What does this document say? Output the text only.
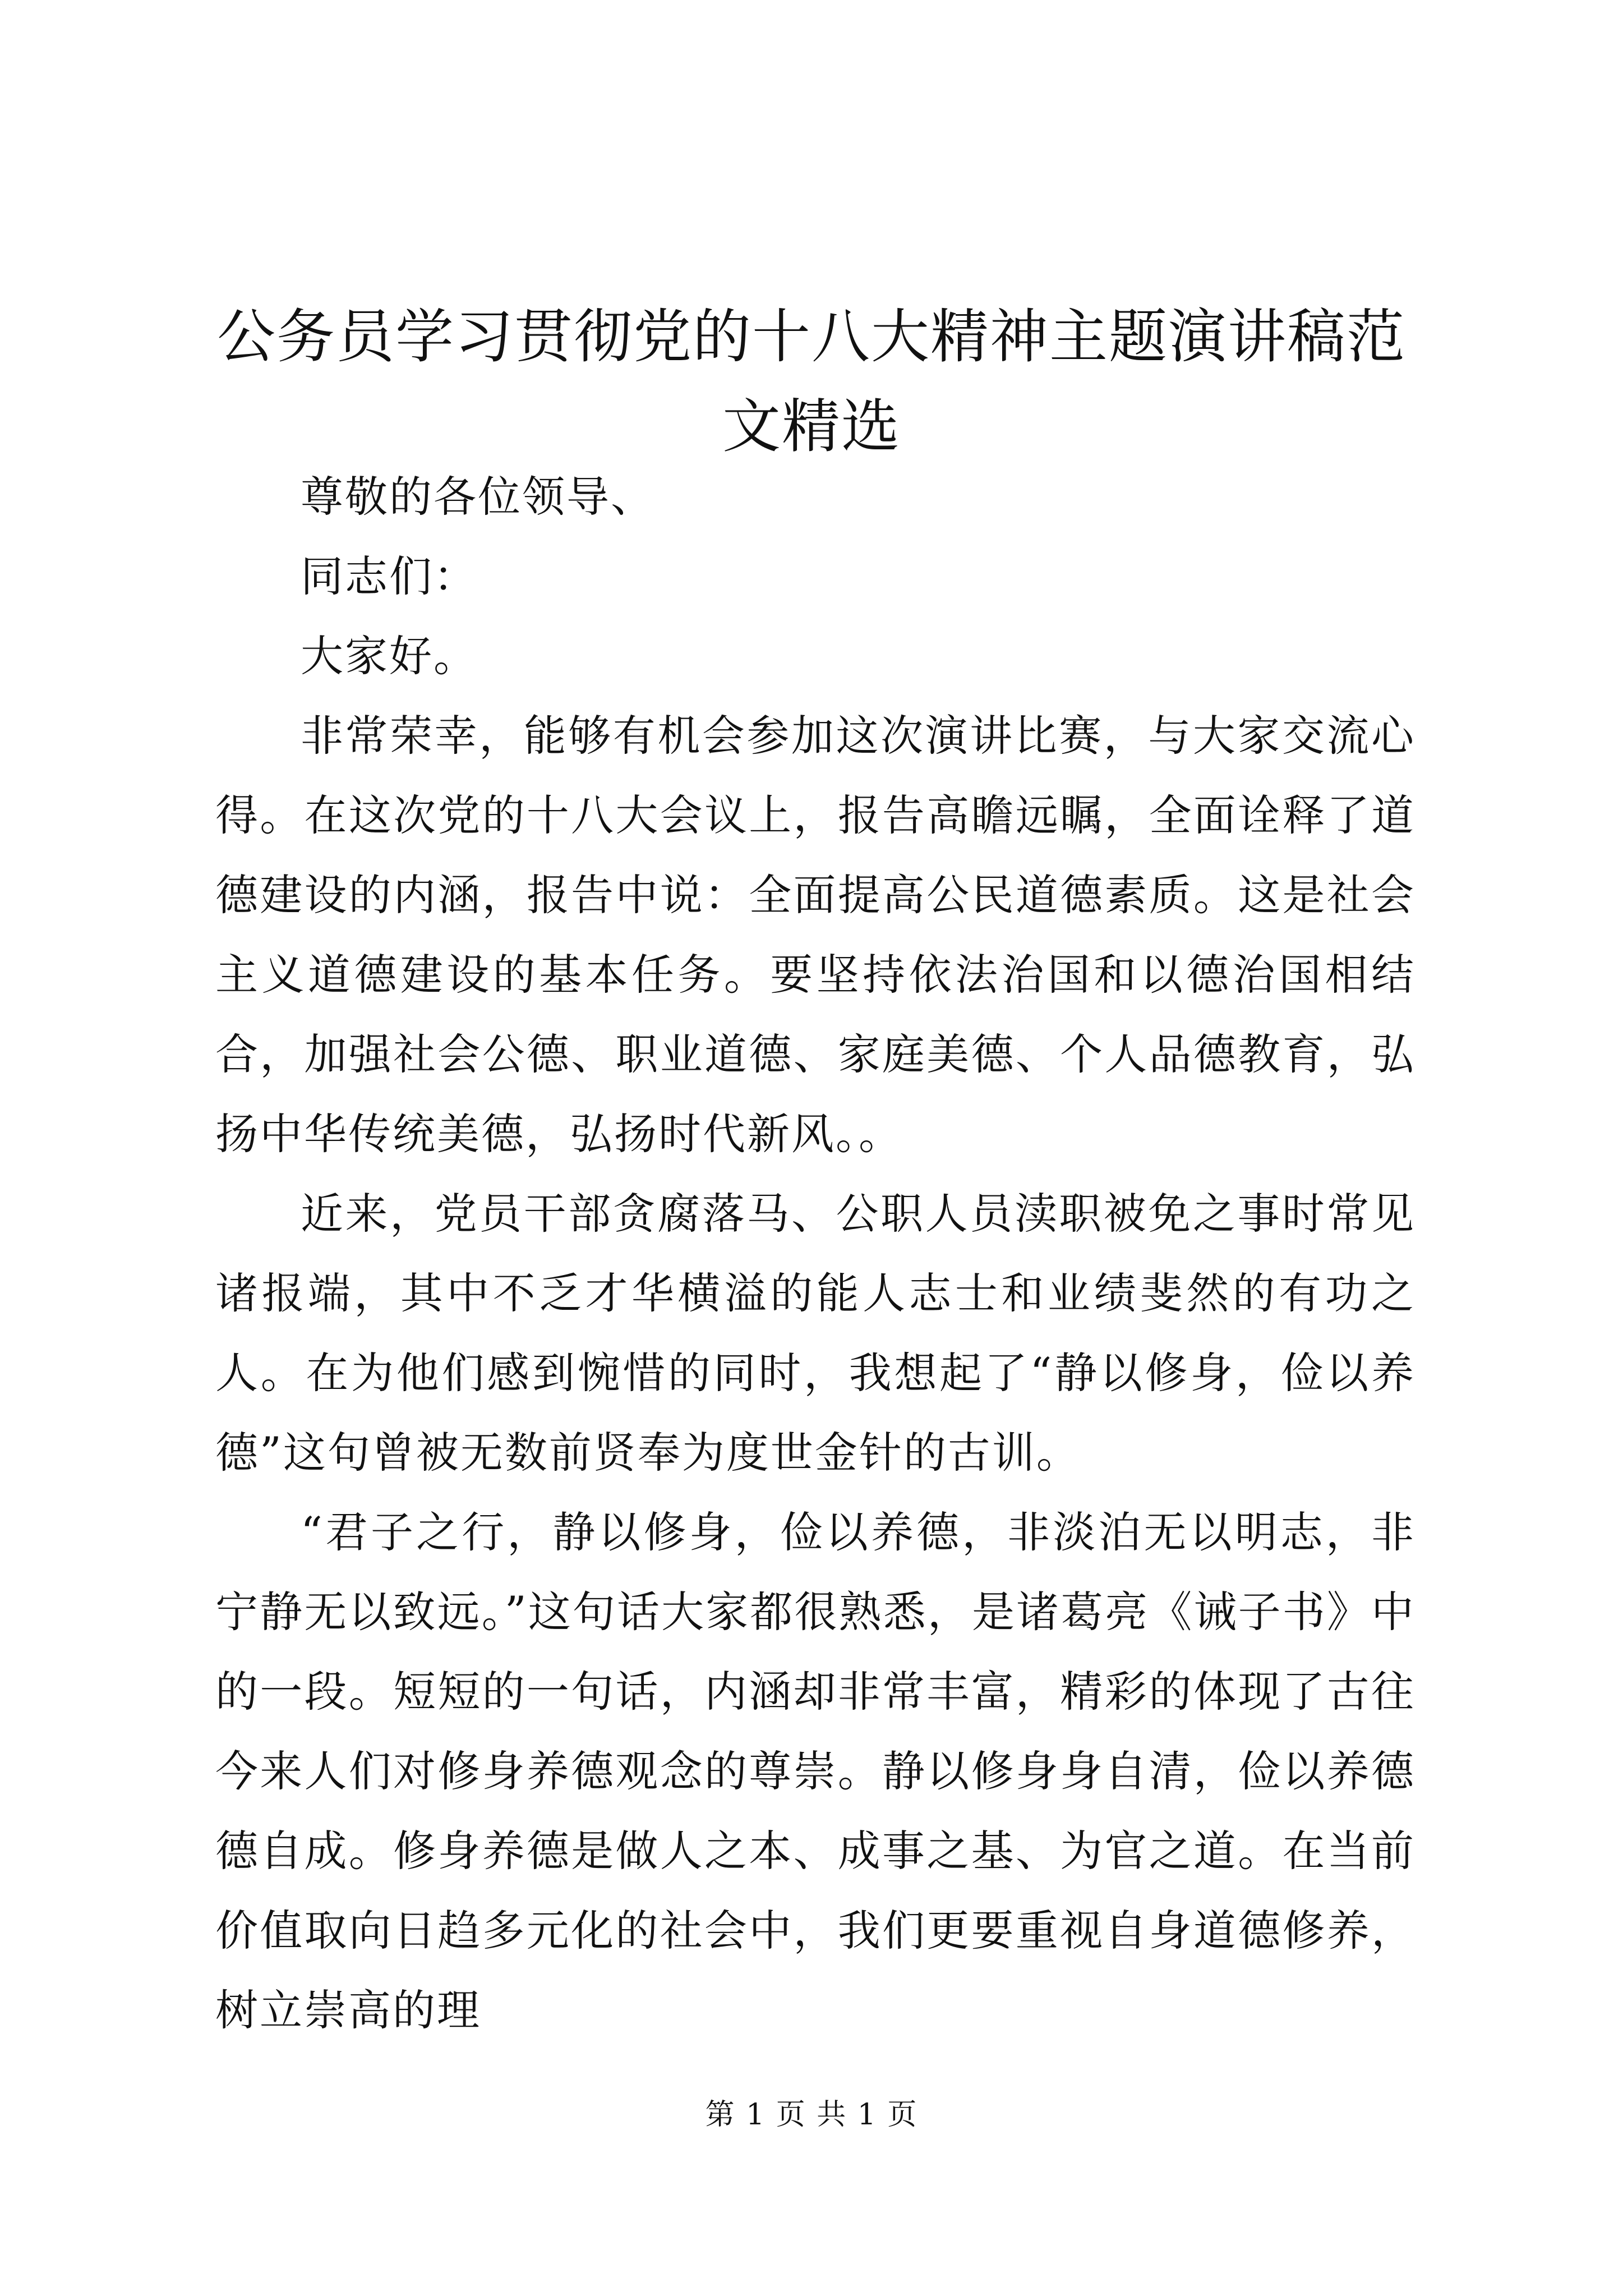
公务员学习贯彻党的十八大精神主题演讲稿范文精选

尊敬的各位领导、

同志们：

大家好。

非常荣幸，能够有机会参加这次演讲比赛，与大家交流心得。在这次党的十八大会议上，报告高瞻远瞩，全面诠释了道德建设的内涵，报告中说：全面提高公民道德素质。这是社会主义道德建设的基本任务。要坚持依法治国和以德治国相结合，加强社会公德、职业道德、家庭美德、个人品德教育，弘扬中华传统美德，弘扬时代新风。。

近来，党员干部贪腐落马、公职人员渎职被免之事时常见诸报端，其中不乏才华横溢的能人志士和业绩斐然的有功之人。在为他们感到惋惜的同时，我想起了“静以修身，俭以养德”这句曾被无数前贤奉为度世金针的古训。

“君子之行，静以修身，俭以养德，非淡泊无以明志，非宁静无以致远。”这句话大家都很熟悉，是诸葛亮《诫子书》中的一段。短短的一句话，内涵却非常丰富，精彩的体现了古往今来人们对修身养德观念的尊崇。静以修身身自清，俭以养德德自成。修身养德是做人之本、成事之基、为官之道。在当前价值取向日趋多元化的社会中，我们更要重视自身道德修养，树立崇高的理

第 1 页 共 1 页
